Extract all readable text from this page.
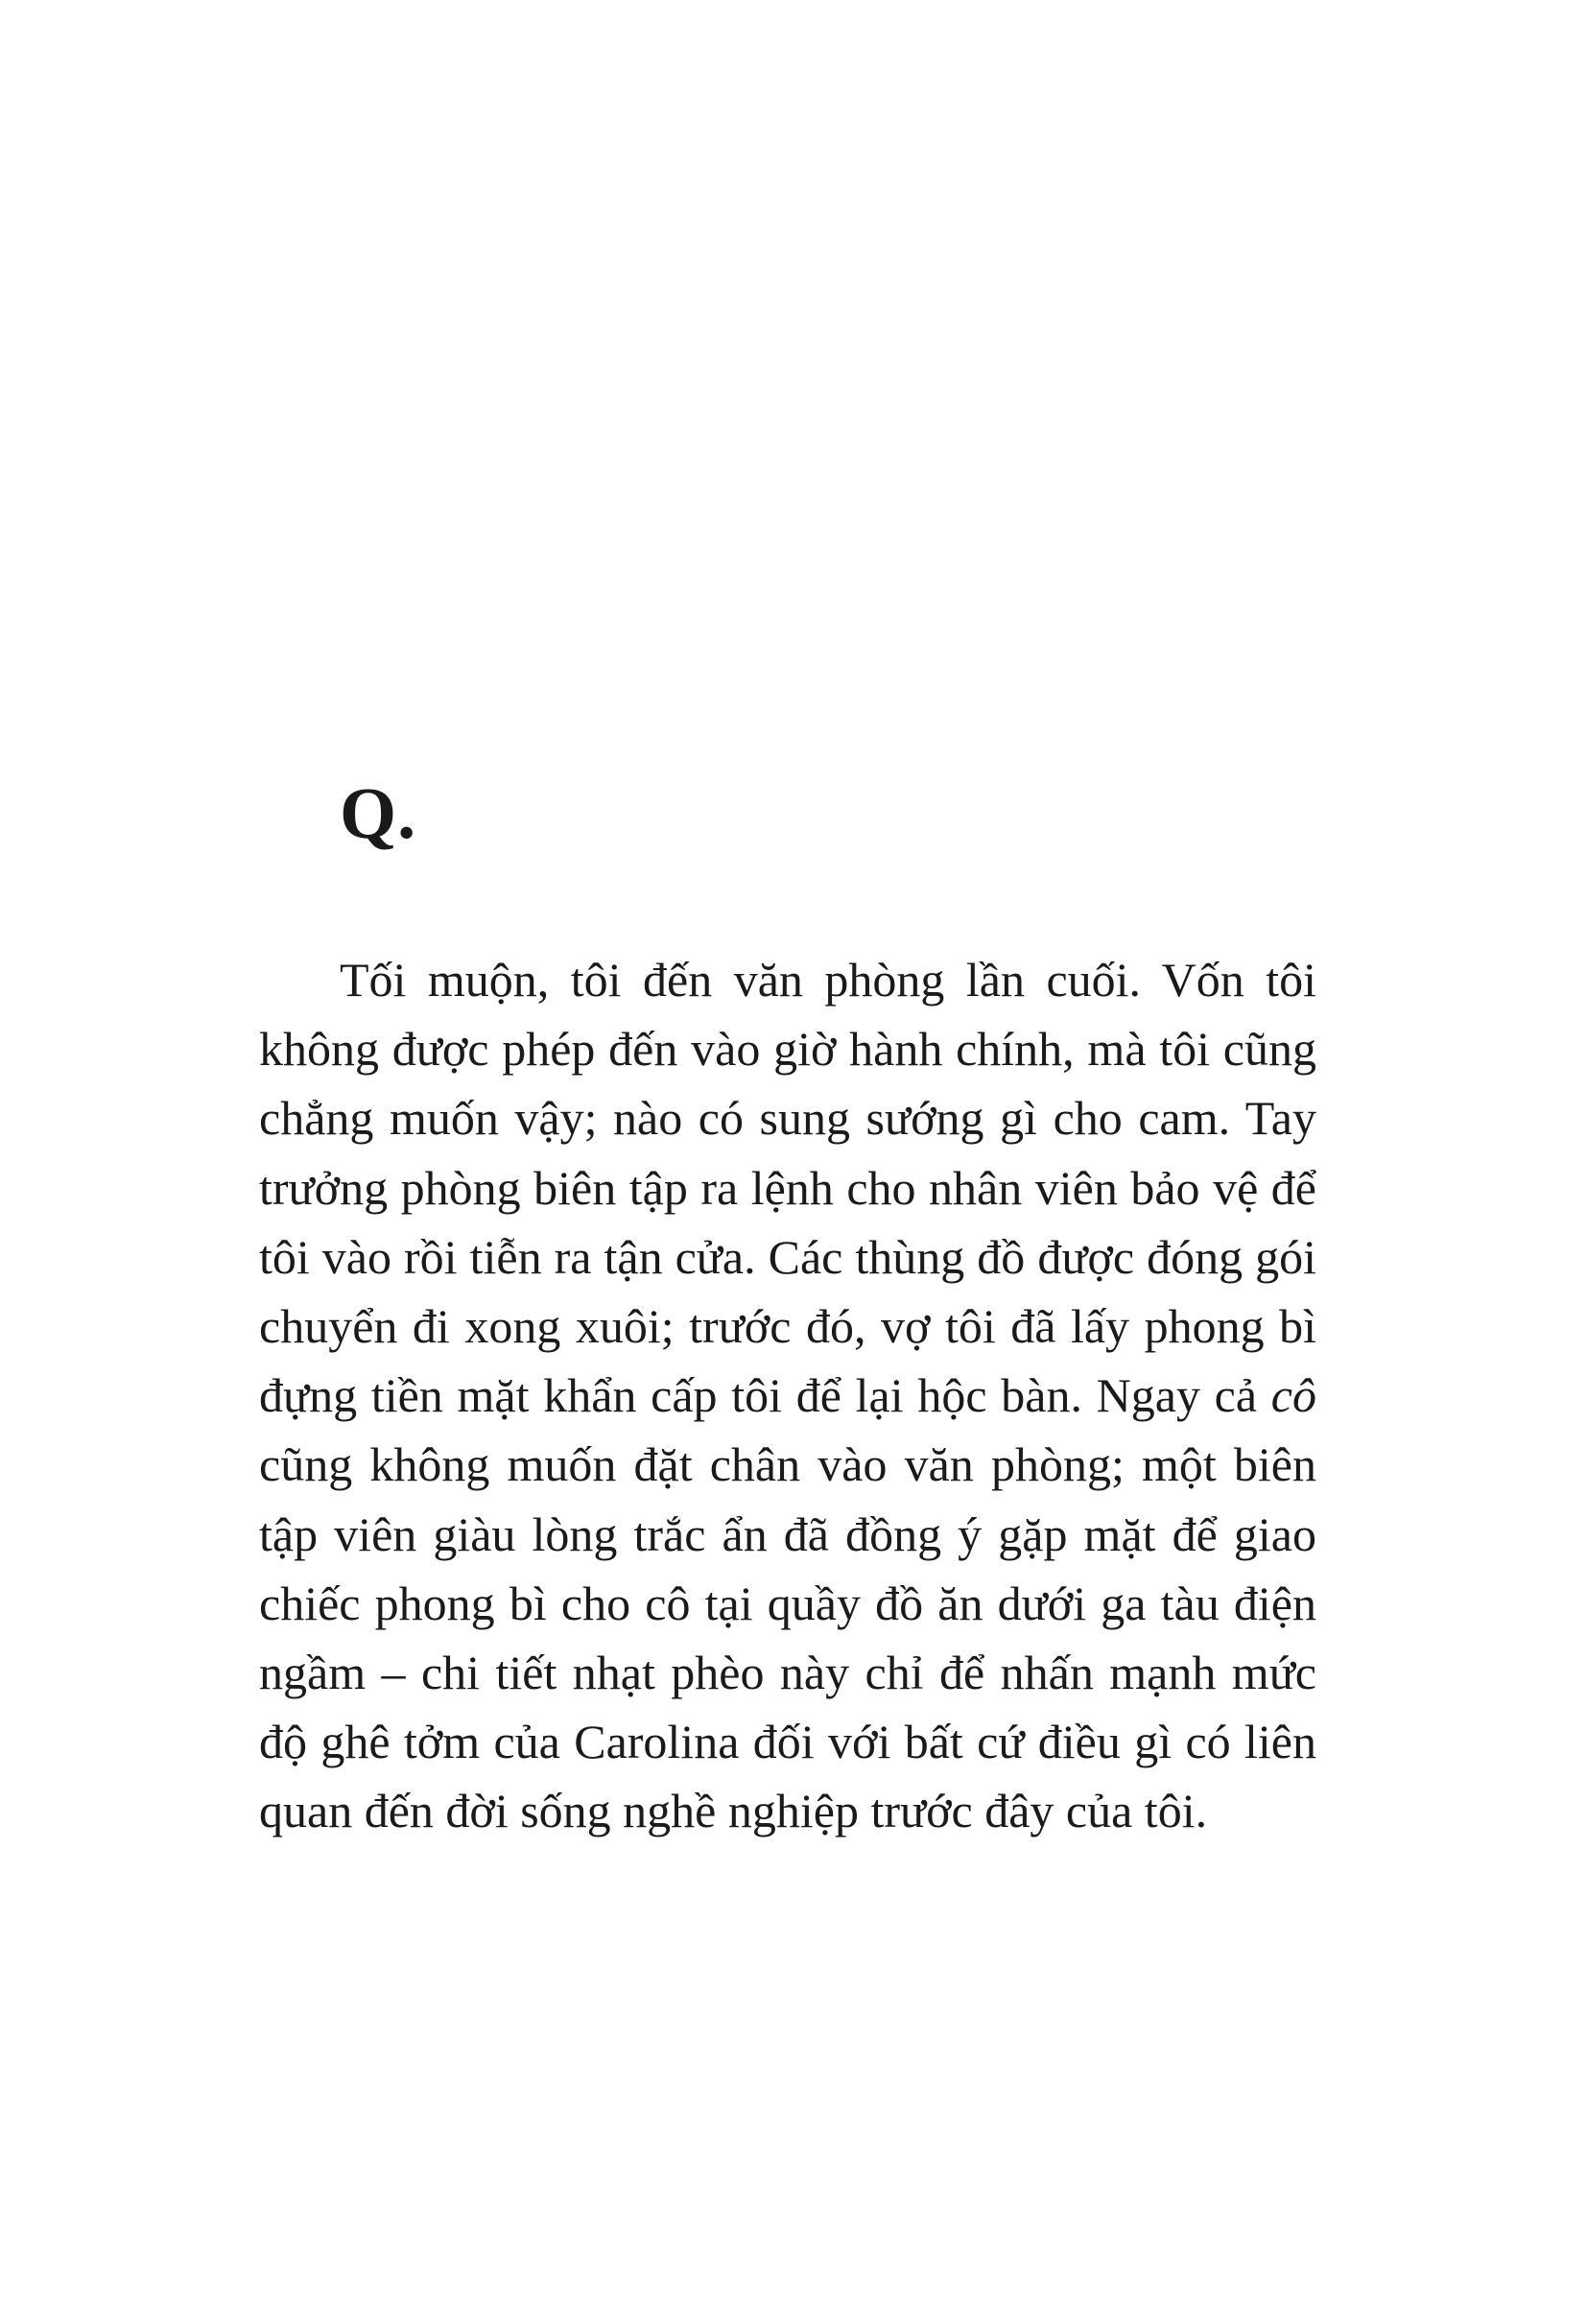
Q.

Tối muộn, tôi đến văn phòng lần cuối. Vốn tôi không được phép đến vào giờ hành chính, mà tôi cũng chẳng muốn vậy; nào có sung sướng gì cho cam. Tay trưởng phòng biên tập ra lệnh cho nhân viên bảo vệ để tôi vào rồi tiễn ra tận cửa. Các thùng đồ được đóng gói chuyển đi xong xuôi; trước đó, vợ tôi đã lấy phong bì đựng tiền mặt khẩn cấp tôi để lại hộc bàn. Ngay cả cô cũng không muốn đặt chân vào văn phòng; một biên tập viên giàu lòng trắc ẩn đã đồng ý gặp mặt để giao chiếc phong bì cho cô tại quầy đồ ăn dưới ga tàu điện ngầm – chi tiết nhạt phèo này chỉ để nhấn mạnh mức độ ghê tởm của Carolina đối với bất cứ điều gì có liên quan đến đời sống nghề nghiệp trước đây của tôi.
